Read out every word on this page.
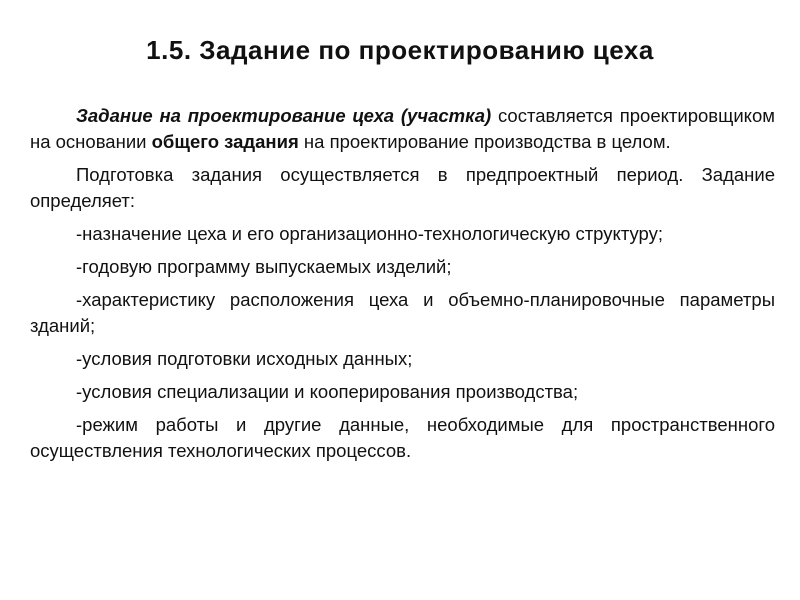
1.5. Задание по проектированию цеха

Задание на проектирование цеха (участка) составляется проектировщиком на основании общего задания на проектирование производства в целом.

Подготовка задания осуществляется в предпроектный период. Задание определяет:

-назначение цеха и его организационно-технологическую структуру;

-годовую программу выпускаемых изделий;

-характеристику расположения цеха и объемно-планировочные параметры зданий;

-условия подготовки исходных данных;

-условия специализации и кооперирования производства;

-режим работы и другие данные, необходимые для пространственного осуществления технологических процессов.
